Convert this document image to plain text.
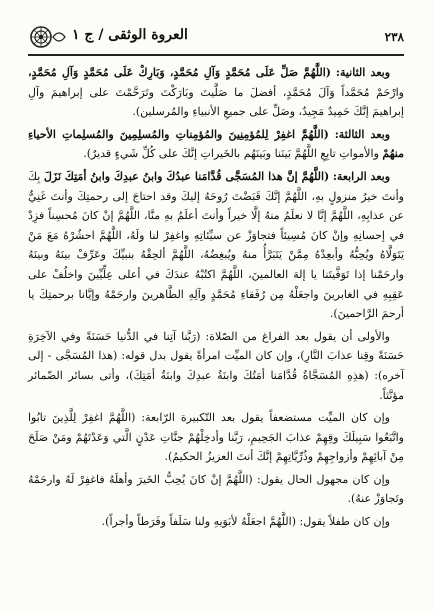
٢٣٨
العروة الوثقى / ج ١

وبعد الثانية: (اللَّهُمَّ صَلِّ عَلَى مُحَمَّدٍ وَآلِ مُحَمَّدٍ، وَبَارِكْ عَلَى مُحَمَّدٍ وَآلِ مُحَمَّدٍ، وارْحَمْ مُحَمَّداً وَآلَ مُحَمَّدٍ، أفضلَ ما صَلَّيتَ وبَارَكْتَ وتَرَحَّمْتَ على إبراهيمَ وآلِ إبراهيمَ إنَّكَ حَمِيدٌ مَجِيدٌ، وصَلِّ على جميعِ الأنبياءِ والمُرسلين).

وبعد الثالثة: (اللَّهُمَّ اغفِرْ لِلمُؤمِنِينَ والمُؤمِناتِ والمُسلِمِينَ والمُسلِماتِ الأحياءِ منهُمْ والأمواتِ تابِعِ اللَّهُمَّ بَينَنا وبَينَهُم بالخَيراتِ إنَّكَ على كُلِّ شَيءٍ قديرٌ).

وبعد الرابعة: (اللَّهُمَّ إنَّ هذا المُسَجَّى قُدَّامَنا عبدُكَ وابنُ عبدِكَ وابنُ أمَتِكَ نَزَلَ بِكَ وأنتَ خيرُ منزولٍ بهِ، اللَّهُمَّ إنَّكَ قَبَضْتَ رُوحَهُ إليكَ وقد احتاجَ إلى رحمتِكَ وأنتَ غَنِيٌّ عن عذابِهِ، اللَّهُمَّ إنَّا لا نعلَمُ منهُ إلَّا خيراً وأنتَ أعلَمُ بهِ منَّا، اللَّهُمَّ إنْ كانَ مُحسِناً فزِدْ في إحسانِهِ وإنْ كانَ مُسِيئاً فتجاوَزْ عن سيِّئاتِهِ واغفِرْ لنا ولَهُ، اللَّهُمَّ احشُرْهُ مَعَ مَنْ يَتَوَلَّاهُ ويُحِبُّهُ وأبعِدْهُ مِمَّنْ يَتَبَرَّأُ منهُ ويُبغِضُهُ، اللَّهُمَّ ألحِقْهُ بنبيِّكَ وعَرِّفْ بينَهُ وبينَهُ وارحَمْنا إذا تَوَفَّيتَنا يا إلهَ العالمينَ، اللَّهُمَّ اكتُبْهُ عندَكَ في أعلى عِلِّيِّينَ واخلُفْ على عَقِبِهِ في الغابرينَ واجعَلْهُ مِن رُفَقاءِ مُحَمَّدٍ وآلِهِ الطَّاهرينَ وارحَمْهُ وإيَّانا برحمتِكَ يا أرحمَ الرَّاحمينَ).

والأولى أن يقول بعد الفراغ من الصّلاة: (رَبَّنا آتِنا في الدُّنيا حَسَنَةً وفي الآخِرَةِ حَسَنَةً وقِنا عذابَ النَّارِ)، وإن كان الميِّت امرأةً يقول بدل قوله: (هذا المُسَجَّى - إلى آخره): (هذِهِ المُسَجَّاةُ قُدَّامَنا أمَتُكَ وابنَةُ عبدِكَ وابنَةُ أمَتِكَ)، وأتى بسائر الضّمائر مؤنَّثاً.

وإن كان الميِّت مستضعفاً يقول بعد التّكبيرة الرّابعة: (اللَّهُمَّ اغفِرْ لِلَّذِينَ تابُوا واتَّبَعُوا سَبِيلَكَ وقِهِمْ عذابَ الجَحِيمِ، رَبَّنا وأدخِلْهُمْ جنَّاتِ عَدْنٍ الَّتي وَعَدْتَهُمْ ومَنْ صَلَحَ مِنْ آبائِهِمْ وأزواجِهِمْ وذُرِّيَّاتِهِمْ إنَّكَ أنتَ العزيزُ الحكيمُ).

وإن كان مجهول الحال يقول: (اللَّهُمَّ إنْ كانَ يُحِبُّ الخَيرَ وأهلَهُ فاغفِرْ لَهُ وارحَمْهُ وتَجاوَزْ عنهُ).

وإن كان طفلاً يقول: (اللَّهُمَّ اجعَلْهُ لأبَوَيهِ ولنا سَلَفاً وفَرَطاً وأجراً).
